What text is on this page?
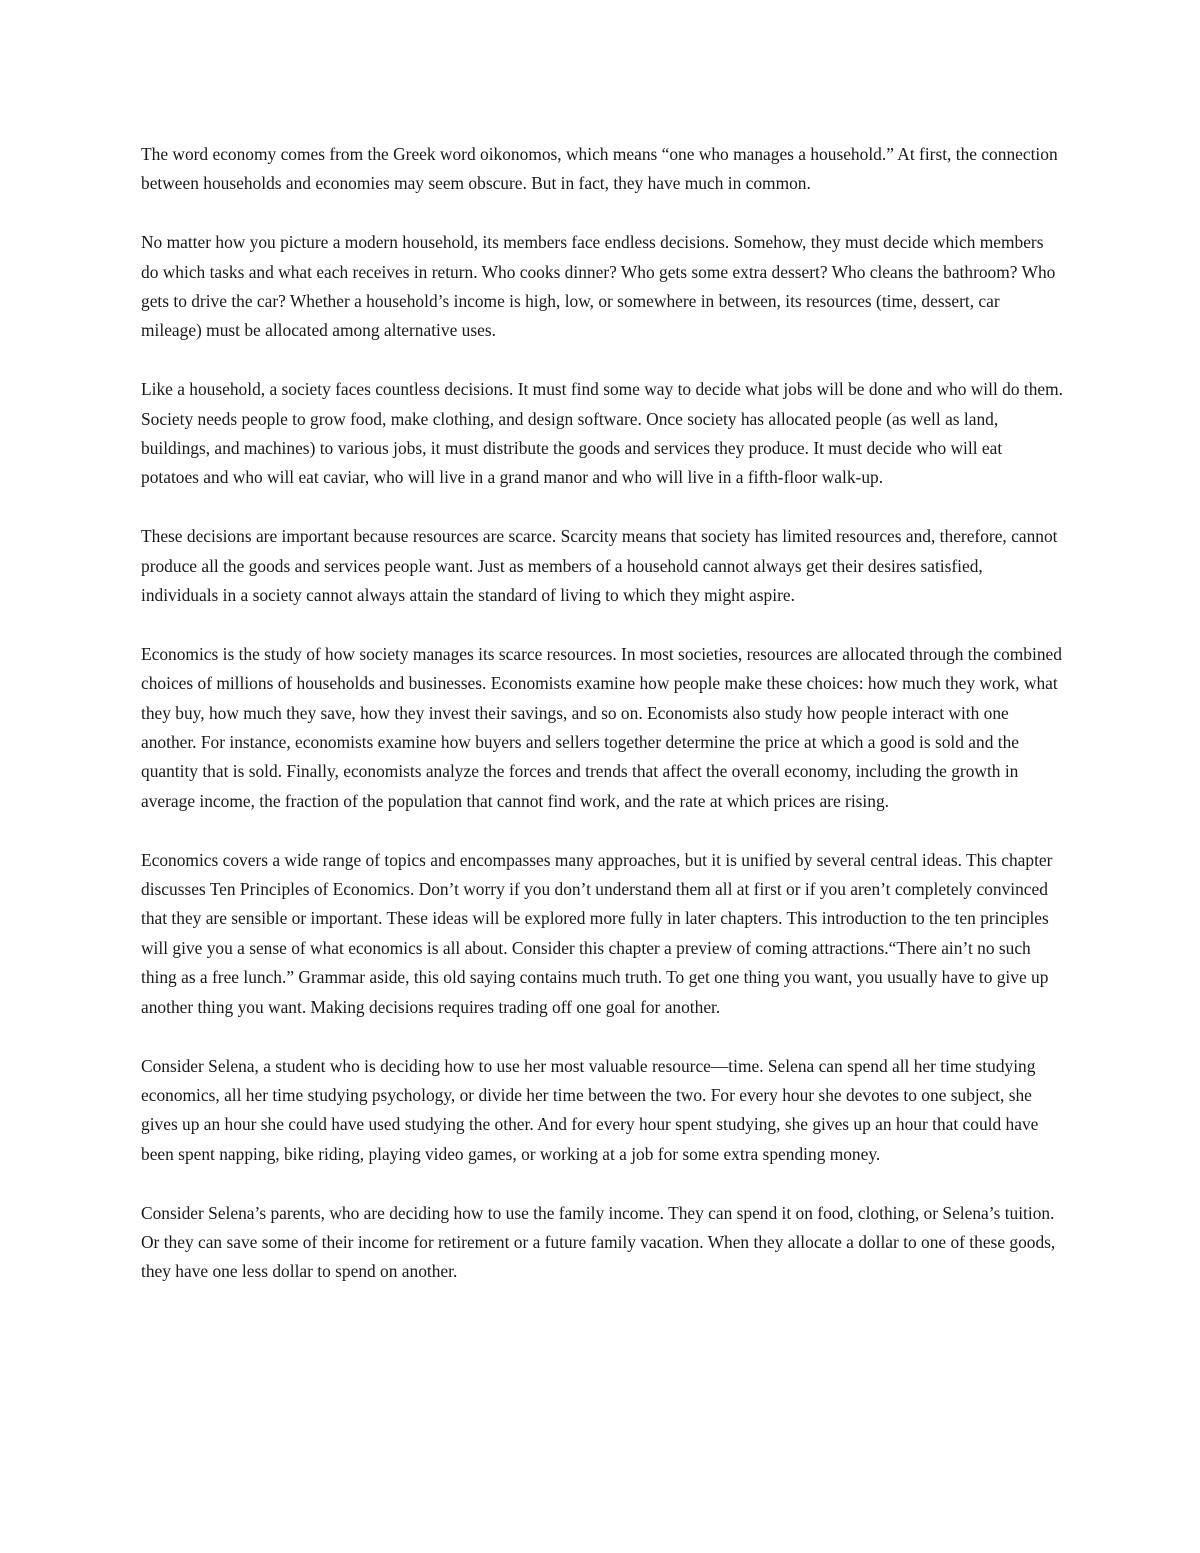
The word economy comes from the Greek word oikonomos, which means “one who manages a household.” At first, the connection between households and economies may seem obscure. But in fact, they have much in common.

No matter how you picture a modern household, its members face endless decisions. Somehow, they must decide which members do which tasks and what each receives in return. Who cooks dinner? Who gets some extra dessert? Who cleans the bathroom? Who gets to drive the car? Whether a household’s income is high, low, or somewhere in between, its resources (time, dessert, car mileage) must be allocated among alternative uses.

Like a household, a society faces countless decisions. It must find some way to decide what jobs will be done and who will do them. Society needs people to grow food, make clothing, and design software. Once society has allocated people (as well as land, buildings, and machines) to various jobs, it must distribute the goods and services they produce. It must decide who will eat potatoes and who will eat caviar, who will live in a grand manor and who will live in a fifth-floor walk-up.

These decisions are important because resources are scarce. Scarcity means that society has limited resources and, therefore, cannot produce all the goods and services people want. Just as members of a household cannot always get their desires satisfied, individuals in a society cannot always attain the standard of living to which they might aspire.

Economics is the study of how society manages its scarce resources. In most societies, resources are allocated through the combined choices of millions of households and businesses. Economists examine how people make these choices: how much they work, what they buy, how much they save, how they invest their savings, and so on. Economists also study how people interact with one another. For instance, economists examine how buyers and sellers together determine the price at which a good is sold and the quantity that is sold. Finally, economists analyze the forces and trends that affect the overall economy, including the growth in average income, the fraction of the population that cannot find work, and the rate at which prices are rising.

Economics covers a wide range of topics and encompasses many approaches, but it is unified by several central ideas. This chapter discusses Ten Principles of Economics. Don’t worry if you don’t understand them all at first or if you aren’t completely convinced that they are sensible or important. These ideas will be explored more fully in later chapters. This introduction to the ten principles will give you a sense of what economics is all about. Consider this chapter a preview of coming attractions.“There ain’t no such thing as a free lunch.” Grammar aside, this old saying contains much truth. To get one thing you want, you usually have to give up another thing you want. Making decisions requires trading off one goal for another.

Consider Selena, a student who is deciding how to use her most valuable resource—time. Selena can spend all her time studying economics, all her time studying psychology, or divide her time between the two. For every hour she devotes to one subject, she gives up an hour she could have used studying the other. And for every hour spent studying, she gives up an hour that could have been spent napping, bike riding, playing video games, or working at a job for some extra spending money.

Consider Selena’s parents, who are deciding how to use the family income. They can spend it on food, clothing, or Selena’s tuition. Or they can save some of their income for retirement or a future family vacation. When they allocate a dollar to one of these goods, they have one less dollar to spend on another.
